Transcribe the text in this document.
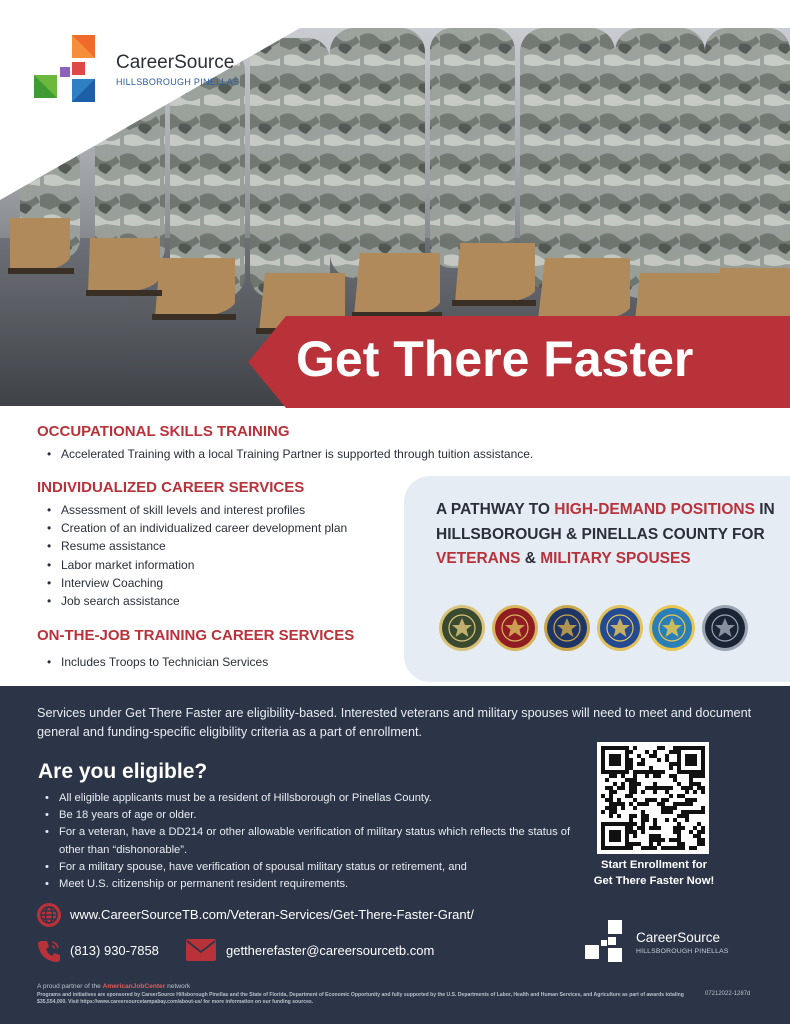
CareerSource
HILLSBOROUGH PINELLAS
Get There Faster
OCCUPATIONAL SKILLS TRAINING
• Accelerated Training with a local Training Partner is supported through tuition assistance.
INDIVIDUALIZED CAREER SERVICES
• Assessment of skill levels and interest profiles
• Creation of an individualized career development plan
• Resume assistance
• Labor market information
• Interview Coaching
• Job search assistance
ON-THE-JOB TRAINING CAREER SERVICES
• Includes Troops to Technician Services

A PATHWAY TO HIGH-DEMAND POSITIONS IN HILLSBOROUGH & PINELLAS COUNTY FOR VETERANS & MILITARY SPOUSES

Services under Get There Faster are eligibility-based. Interested veterans and military spouses will need to meet and document general and funding-specific eligibility criteria as a part of enrollment.

Are you eligible?
• All eligible applicants must be a resident of Hillsborough or Pinellas County.
• Be 18 years of age or older.
• For a veteran, have a DD214 or other allowable verification of military status which reflects the status of other than “dishonorable”.
• For a military spouse, have verification of spousal military status or retirement, and
• Meet U.S. citizenship or permanent resident requirements.
Start Enrollment for
Get There Faster Now!
www.CareerSourceTB.com/Veteran-Services/Get-There-Faster-Grant/
(813) 930-7858	gettherefaster@careersourcetb.com
CareerSource
HILLSBOROUGH PINELLAS
A proud partner of the AmericanJobCenter network

Programs and initiatives are sponsored by CareerSource Hillsborough Pinellas and the State of Florida, Department of Economic Opportunity and fully supported by the U.S. Departments of Labor, Health and Human Services, and Agriculture as part of awards totaling $35,554,000. Visit https://www.careersourcetampabay.com/about-us/ for more information on our funding sources.

07212022-1287d
